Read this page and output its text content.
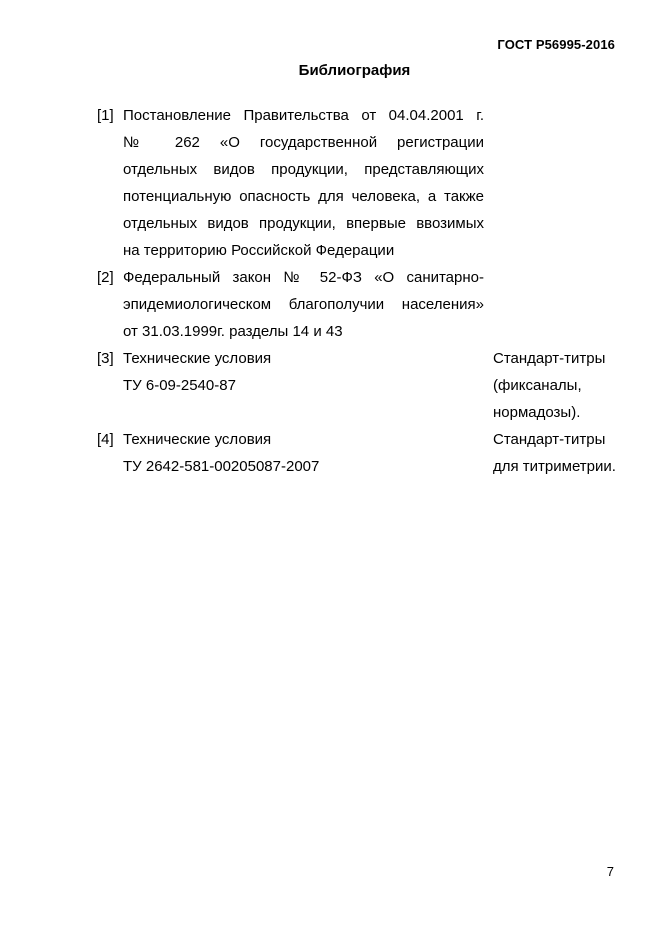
ГОСТ Р56995-2016
Библиография
[1] Постановление Правительства от 04.04.2001 г.
№ 262 «О государственной регистрации
отдельных видов продукции, представляющих
потенциальную опасность для человека, а также
отдельных видов продукции, впервые ввозимых
на территорию Российской Федерации
[2] Федеральный закон № 52-ФЗ «О санитарно-
эпидемиологическом благополучии населения»
от 31.03.1999г. разделы 14 и 43
[3] Технические условия
ТУ 6-09-2540-87
Стандарт-титры
(фиксаналы,
нормадозы).
[4] Технические условия
ТУ 2642-581-00205087-2007
Стандарт-титры
для титриметрии.
7
